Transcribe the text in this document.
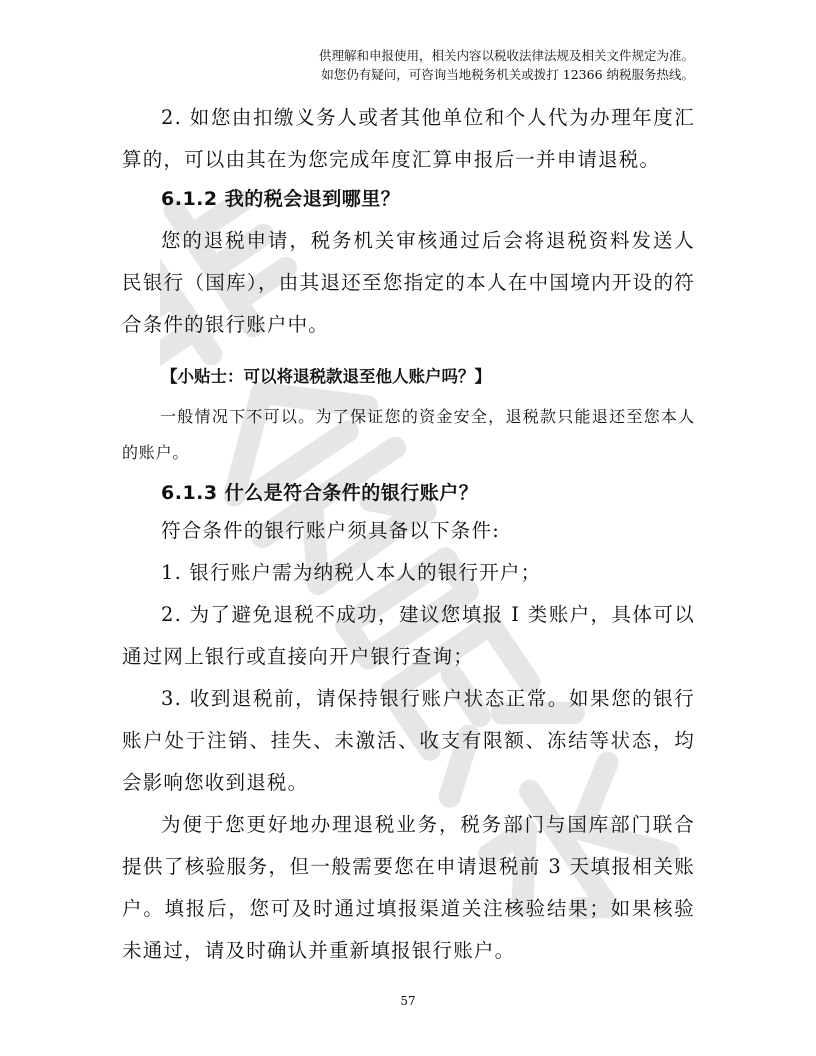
供理解和申报使用，相关内容以税收法律法规及相关文件规定为准。
如您仍有疑问，可咨询当地税务机关或拨打 12366 纳税服务热线。

2. 如您由扣缴义务人或者其他单位和个人代为办理年度汇算的，可以由其在为您完成年度汇算申报后一并申请退税。

6.1.2 我的税会退到哪里？

您的退税申请，税务机关审核通过后会将退税资料发送人民银行（国库），由其退还至您指定的本人在中国境内开设的符合条件的银行账户中。

【小贴士：可以将退税款退至他人账户吗？】

一般情况下不可以。为了保证您的资金安全，退税款只能退还至您本人的账户。

6.1.3 什么是符合条件的银行账户？

符合条件的银行账户须具备以下条件:

1. 银行账户需为纳税人本人的银行开户；

2. 为了避免退税不成功，建议您填报 I 类账户，具体可以通过网上银行或直接向开户银行查询；

3. 收到退税前，请保持银行账户状态正常。如果您的银行账户处于注销、挂失、未激活、收支有限额、冻结等状态，均会影响您收到退税。

为便于您更好地办理退税业务，税务部门与国库部门联合提供了核验服务，但一般需要您在申请退税前 3 天填报相关账户。填报后，您可及时通过填报渠道关注核验结果；如果核验未通过，请及时确认并重新填报银行账户。

57
